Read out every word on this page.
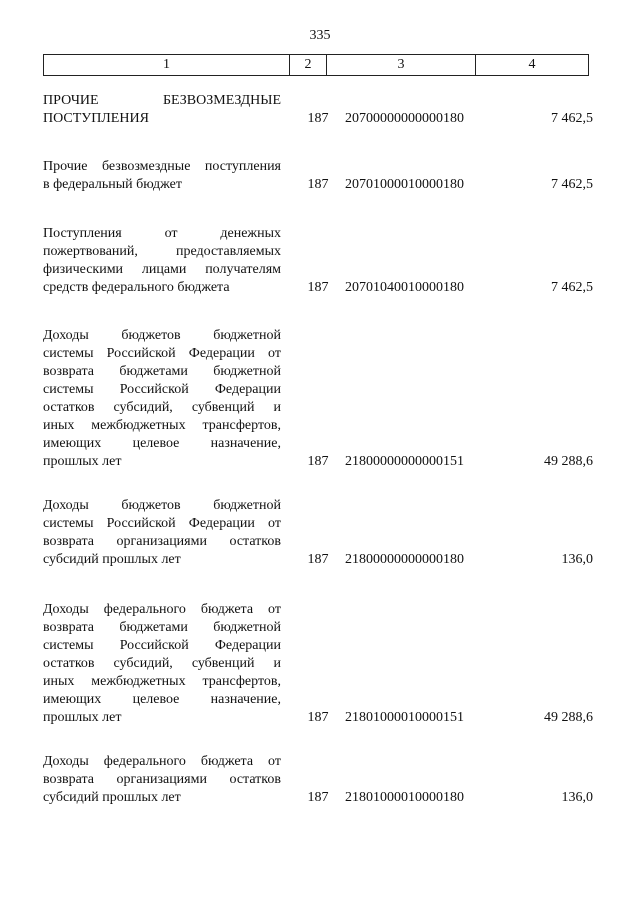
335
1	2	3	4
ПРОЧИЕ БЕЗВОЗМЕЗДНЫЕ
ПОСТУПЛЕНИЯ	187	20700000000000180	7 462,5
Прочие безвозмездные поступления
в федеральный бюджет	187	20701000010000180	7 462,5
Поступления от денежных
пожертвований, предоставляемых
физическими лицами получателям
средств федерального бюджета	187	20701040010000180	7 462,5
Доходы бюджетов бюджетной
системы Российской Федерации от
возврата бюджетами бюджетной
системы Российской Федерации
остатков субсидий, субвенций и
иных межбюджетных трансфертов,
имеющих целевое назначение,
прошлых лет	187	21800000000000151	49 288,6
Доходы бюджетов бюджетной
системы Российской Федерации от
возврата организациями остатков
субсидий прошлых лет	187	21800000000000180	136,0
Доходы федерального бюджета от
возврата бюджетами бюджетной
системы Российской Федерации
остатков субсидий, субвенций и
иных межбюджетных трансфертов,
имеющих целевое назначение,
прошлых лет	187	21801000010000151	49 288,6
Доходы федерального бюджета от
возврата организациями остатков
субсидий прошлых лет	187	21801000010000180	136,0
